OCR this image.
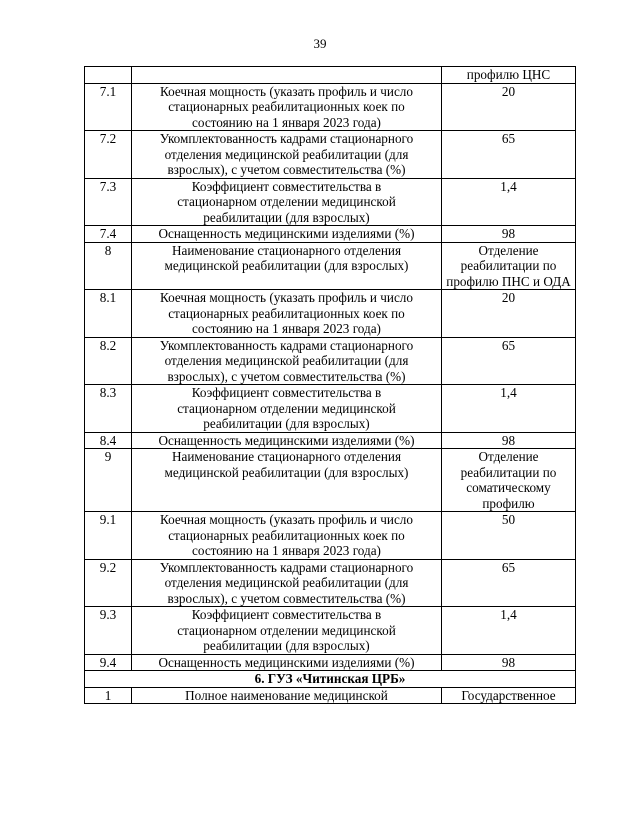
39
		профилю ЦНС
7.1	Коечная мощность (указать профиль и число
стационарных реабилитационных коек по
состоянию на 1 января 2023 года)	20
7.2	Укомплектованность кадрами стационарного
отделения медицинской реабилитации (для
взрослых), с учетом совместительства (%)	65
7.3	Коэффициент совместительства в
стационарном отделении медицинской
реабилитации (для взрослых)	1,4
7.4	Оснащенность медицинскими изделиями (%)	98
8	Наименование стационарного отделения
медицинской реабилитации (для взрослых)	Отделение
реабилитации по
профилю ПНС и ОДА
8.1	Коечная мощность (указать профиль и число
стационарных реабилитационных коек по
состоянию на 1 января 2023 года)	20
8.2	Укомплектованность кадрами стационарного
отделения медицинской реабилитации (для
взрослых), с учетом совместительства (%)	65
8.3	Коэффициент совместительства в
стационарном отделении медицинской
реабилитации (для взрослых)	1,4
8.4	Оснащенность медицинскими изделиями (%)	98
9	Наименование стационарного отделения
медицинской реабилитации (для взрослых)	Отделение
реабилитации по
соматическому
профилю
9.1	Коечная мощность (указать профиль и число
стационарных реабилитационных коек по
состоянию на 1 января 2023 года)	50
9.2	Укомплектованность кадрами стационарного
отделения медицинской реабилитации (для
взрослых), с учетом совместительства (%)	65
9.3	Коэффициент совместительства в
стационарном отделении медицинской
реабилитации (для взрослых)	1,4
9.4	Оснащенность медицинскими изделиями (%)	98
6. ГУЗ «Читинская ЦРБ»		
1	Полное наименование медицинской	Государственное
